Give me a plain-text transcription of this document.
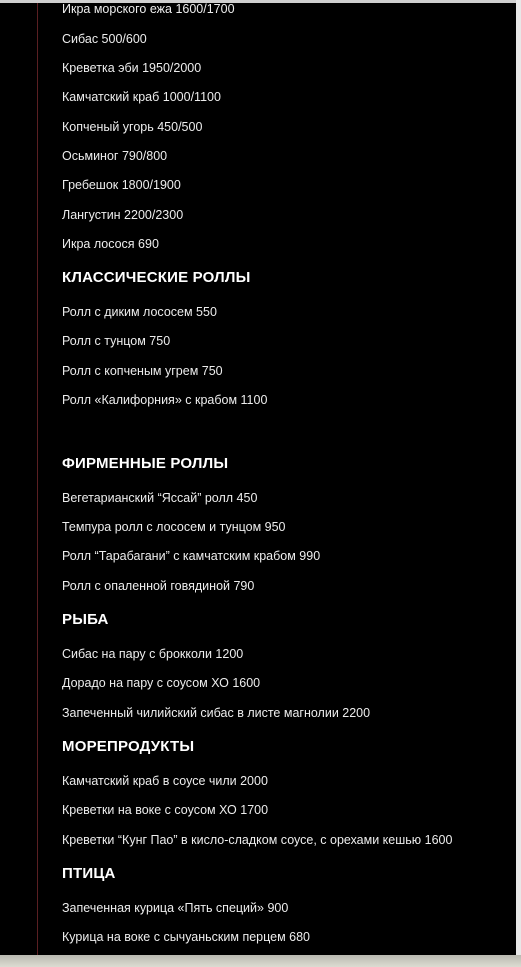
Икра морского ежа 1600/1700
Сибас 500/600
Креветка эби 1950/2000
Камчатский краб 1000/1100
Копченый угорь 450/500
Осьминог 790/800
Гребешок 1800/1900
Лангустин 2200/2300
Икра лосося 690
КЛАССИЧЕСКИЕ РОЛЛЫ
Ролл с диким лососем 550
Ролл с тунцом 750
Ролл с копченым угрем 750
Ролл «Калифорния» с крабом 1100
ФИРМЕННЫЕ РОЛЛЫ
Вегетарианский “Яссай” ролл 450
Темпура ролл с лососем и тунцом 950
Ролл “Тарабагани” с камчатским крабом 990
Ролл с опаленной говядиной 790
РЫБА
Сибас на пару с брокколи 1200
Дорадо на пару с соусом ХО 1600
Запеченный чилийский сибас в листе магнолии 2200
МОРЕПРОДУКТЫ
Камчатский краб в соусе чили 2000
Креветки на воке с соусом ХО 1700
Креветки “Кунг Пао” в кисло-сладком соусе, с орехами кешью 1600
ПТИЦА
Запеченная курица «Пять специй» 900
Курица на воке с сычуаньским перцем 680
